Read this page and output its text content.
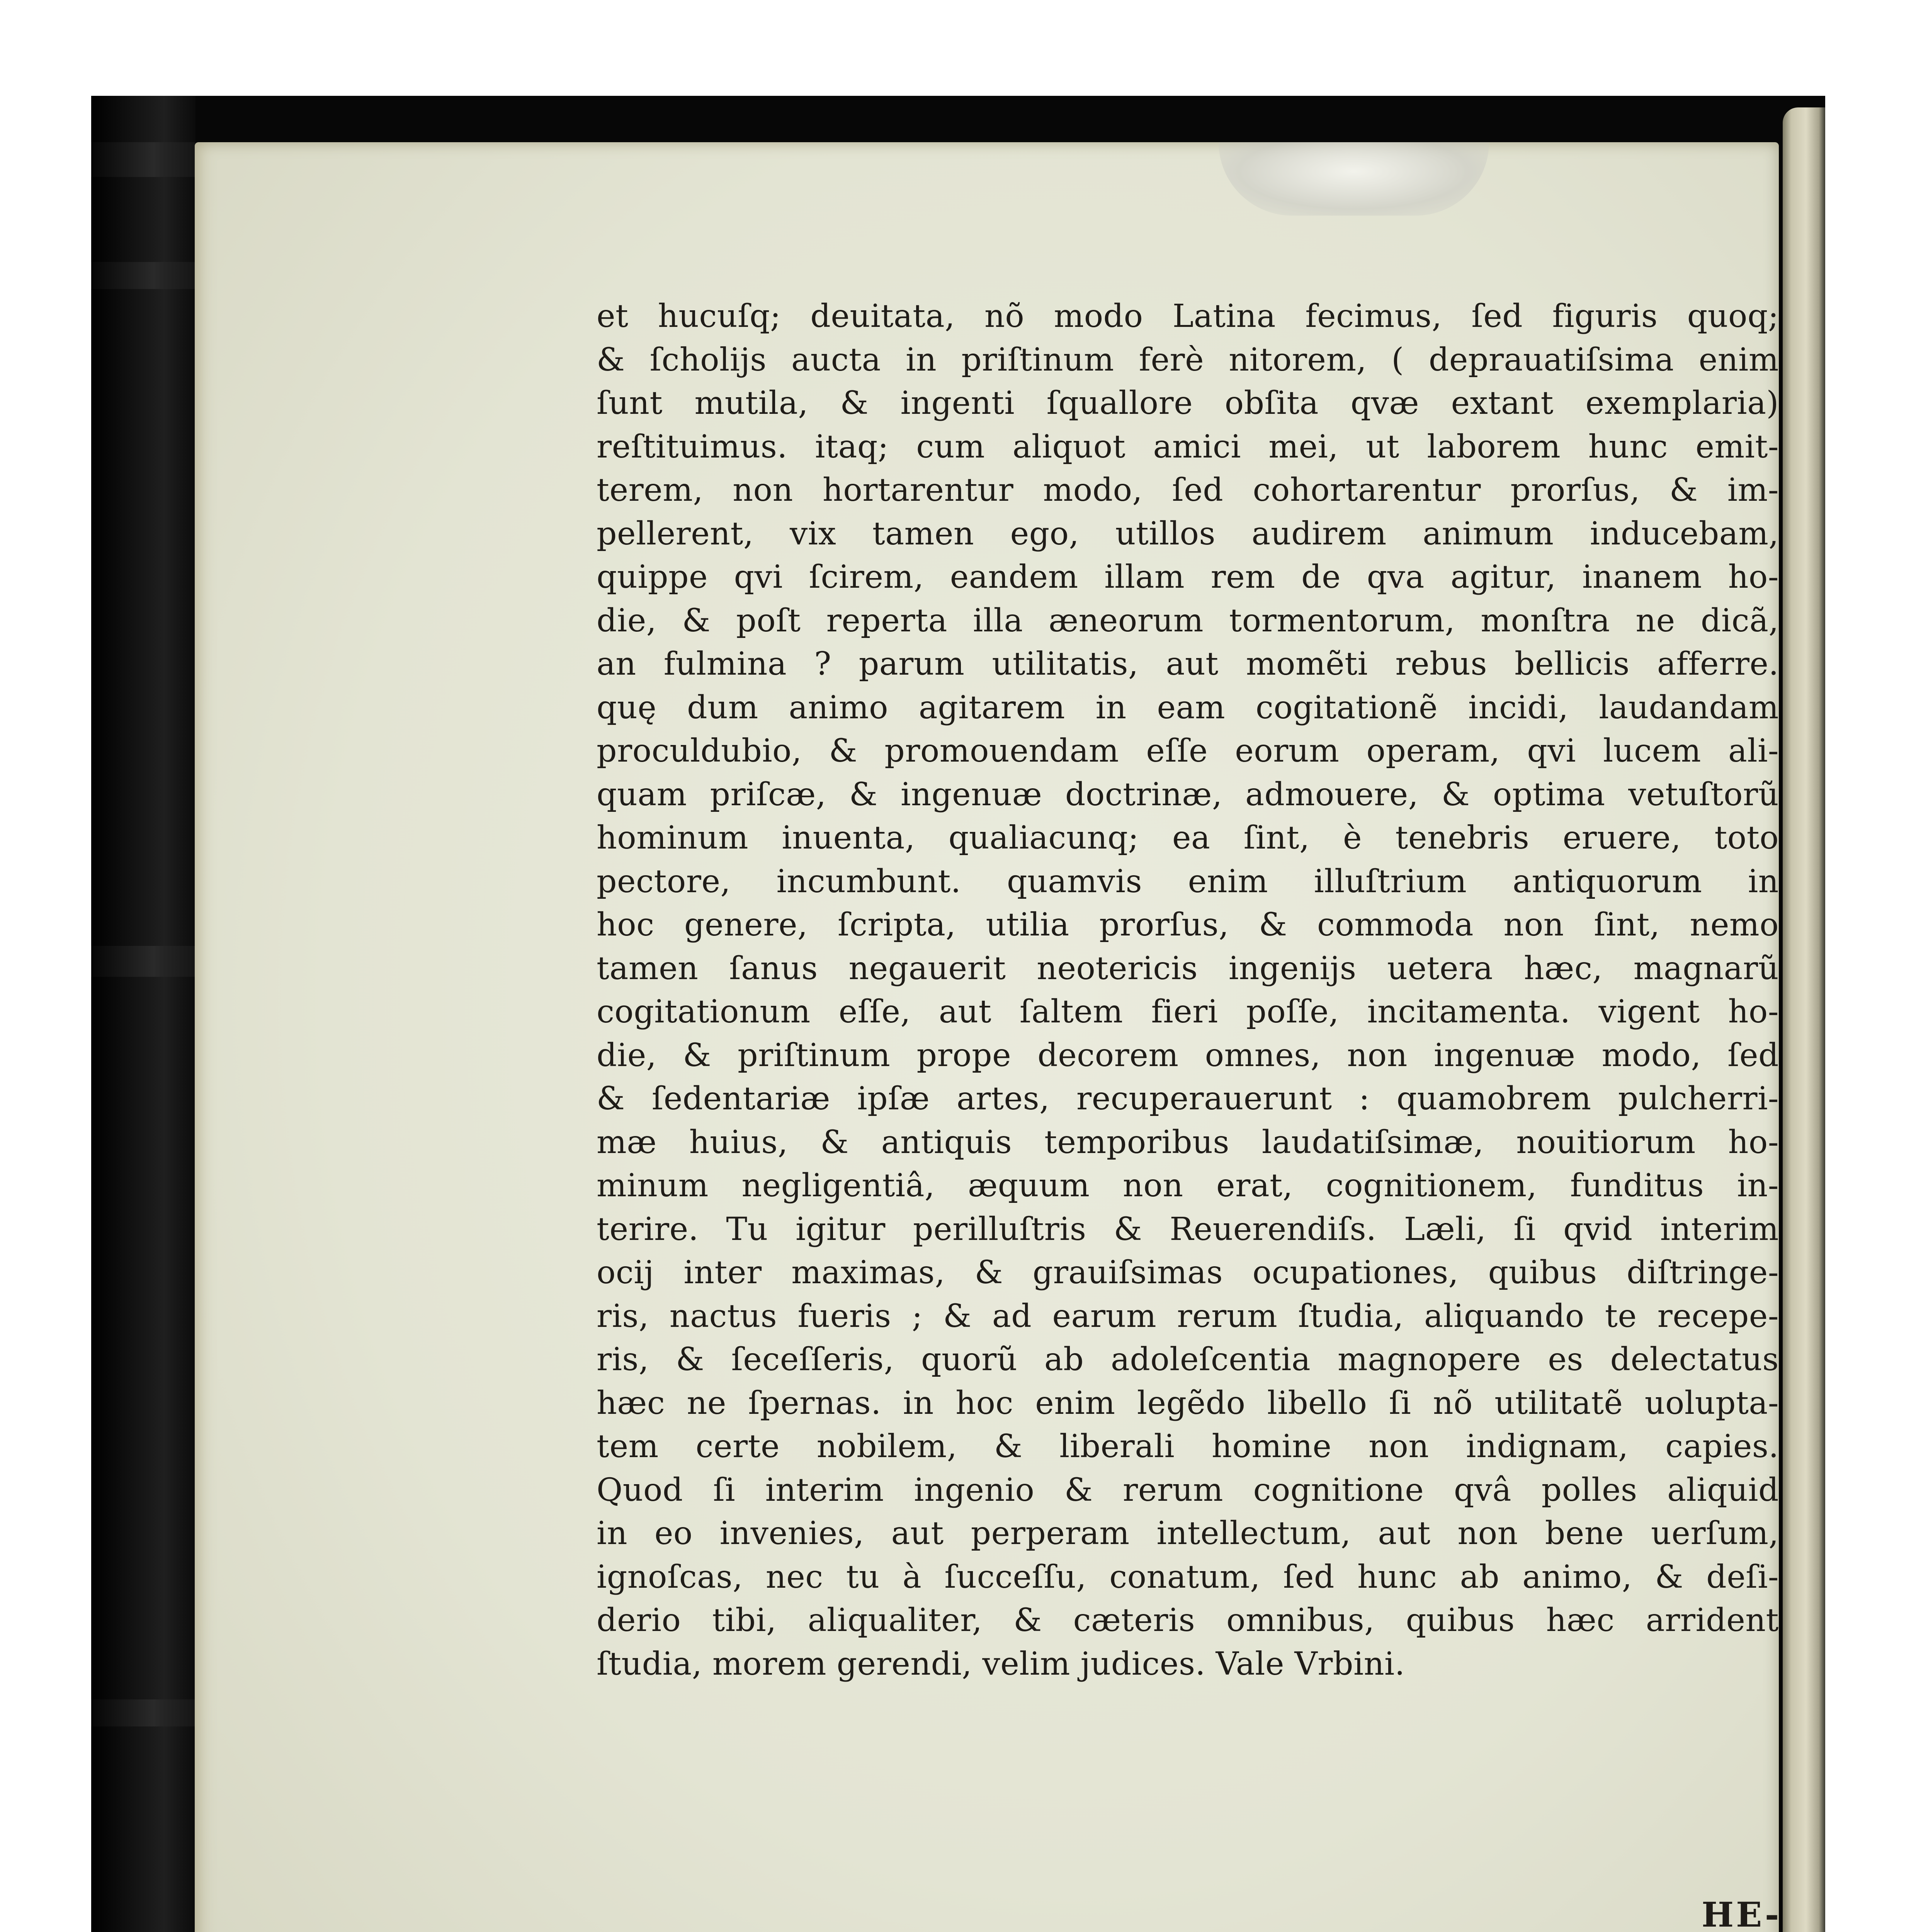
et hucuſq; deuitata, nõ modo Latina fecimus, ſed figuris quoq;
& ſcholijs aucta in priſtinum ferè nitorem, ( deprauatiſsima enim
ſunt mutila, & ingenti ſquallore obſita qvæ extant exemplaria)
reſtituimus. itaq; cum aliquot amici mei, ut laborem hunc emit-
terem, non hortarentur modo, ſed cohortarentur prorſus, & im-
pellerent, vix tamen ego, utillos audirem animum inducebam,
quippe qvi ſcirem, eandem illam rem de qva agitur, inanem ho-
die, & poſt reperta illa æneorum tormentorum, monſtra ne dicã,
an fulmina ? parum utilitatis, aut momẽti rebus bellicis afferre.
quę dum animo agitarem in eam cogitationẽ incidi, laudandam
proculdubio, & promouendam eſſe eorum operam, qvi lucem ali-
quam priſcæ, & ingenuæ doctrinæ, admouere, & optima vetuſtorũ
hominum inuenta, qualiacunq; ea ſint, è tenebris eruere, toto
pectore, incumbunt. quamvis enim illuſtrium antiquorum in
hoc genere, ſcripta, utilia prorſus, & commoda non ſint, nemo
tamen ſanus negauerit neotericis ingenijs uetera hæc, magnarũ
cogitationum eſſe, aut ſaltem fieri poſſe, incitamenta. vigent ho-
die, & priſtinum prope decorem omnes, non ingenuæ modo, ſed
& ſedentariæ ipſæ artes, recuperauerunt : quamobrem pulcherri-
mæ huius, & antiquis temporibus laudatiſsimæ, nouitiorum ho-
minum negligentiâ, æquum non erat, cognitionem, funditus in-
terire. Tu igitur perilluſtris & Reuerendiſs. Læli, ſi qvid interim
ocij inter maximas, & grauiſsimas ocupationes, quibus diſtringe-
ris, nactus fueris ; & ad earum rerum ſtudia, aliquando te recepe-
ris, & ſeceſſeris, quorũ ab adoleſcentia magnopere es delectatus
hæc ne ſpernas. in hoc enim legẽdo libello ſi nõ utilitatẽ uolupta-
tem certe nobilem, & liberali homine non indignam, capies.
Quod ſi interim ingenio & rerum cognitione qvâ polles aliquid
in eo invenies, aut perperam intellectum, aut non bene uerſum,
ignoſcas, nec tu à ſucceſſu, conatum, ſed hunc ab animo, & deſi-
derio tibi, aliqualiter, & cæteris omnibus, quibus hæc arrident
ſtudia, morem gerendi, velim judices. Vale Vrbini.
HE-
